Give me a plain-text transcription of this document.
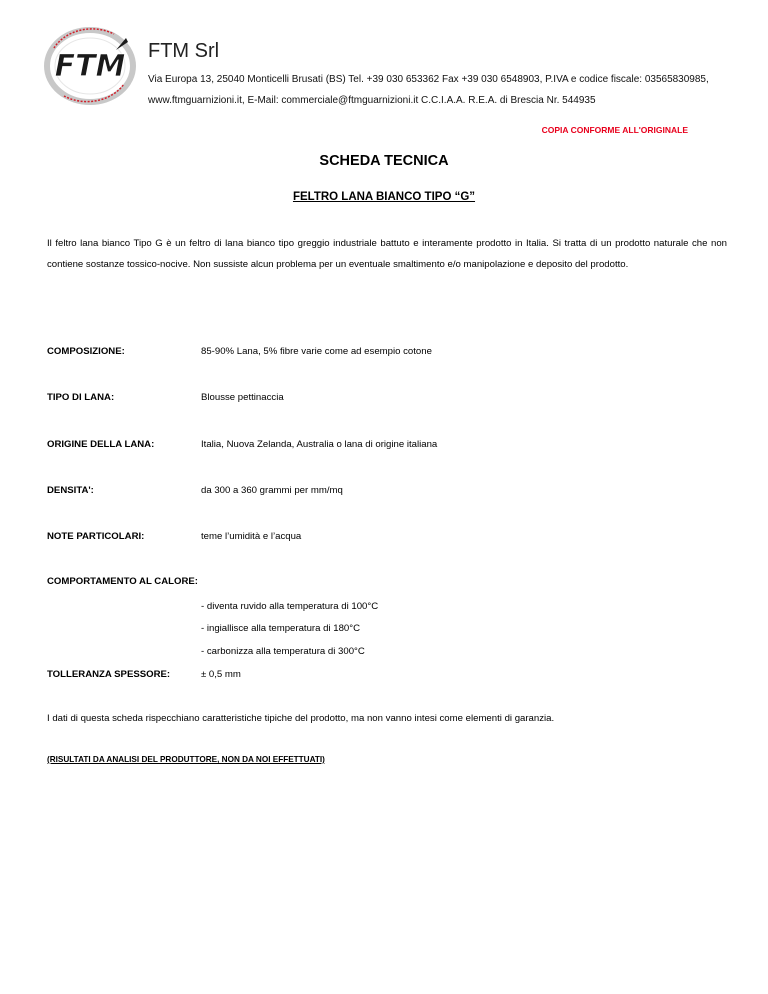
FTM FTM Srl
Via Europa 13, 25040 Monticelli Brusati (BS) Tel. +39 030 653362 Fax +39 030 6548903, P.IVA e codice fiscale: 03565830985,
www.ftmguarnizioni.it, E-Mail: commerciale@ftmguarnizioni.it C.C.I.A.A. R.E.A. di Brescia Nr. 544935
COPIA CONFORME ALL'ORIGINALE
SCHEDA TECNICA
FELTRO LANA BIANCO TIPO “G”
Il feltro lana bianco Tipo G è un feltro di lana bianco tipo greggio industriale battuto e interamente prodotto in Italia. Si tratta di un prodotto naturale che non contiene sostanze tossico-nocive. Non sussiste alcun problema per un eventuale smaltimento e/o manipolazione e deposito del prodotto.
COMPOSIZIONE:	85-90% Lana, 5% fibre varie come ad esempio cotone
TIPO DI LANA:	Blousse pettinaccia
ORIGINE DELLA LANA:	Italia, Nuova Zelanda, Australia o lana di origine italiana
DENSITA':	da 300 a 360 grammi per mm/mq
NOTE PARTICOLARI:	teme l’umidità e l’acqua
COMPORTAMENTO AL CALORE:
- diventa ruvido alla temperatura di 100°C
- ingiallisce alla temperatura di 180°C
- carbonizza alla temperatura di 300°C
TOLLERANZA SPESSORE:	± 0,5 mm
I dati di questa scheda rispecchiano caratteristiche tipiche del prodotto, ma non vanno intesi come elementi di garanzia.
(RISULTATI DA ANALISI DEL PRODUTTORE, NON DA NOI EFFETTUATI)
